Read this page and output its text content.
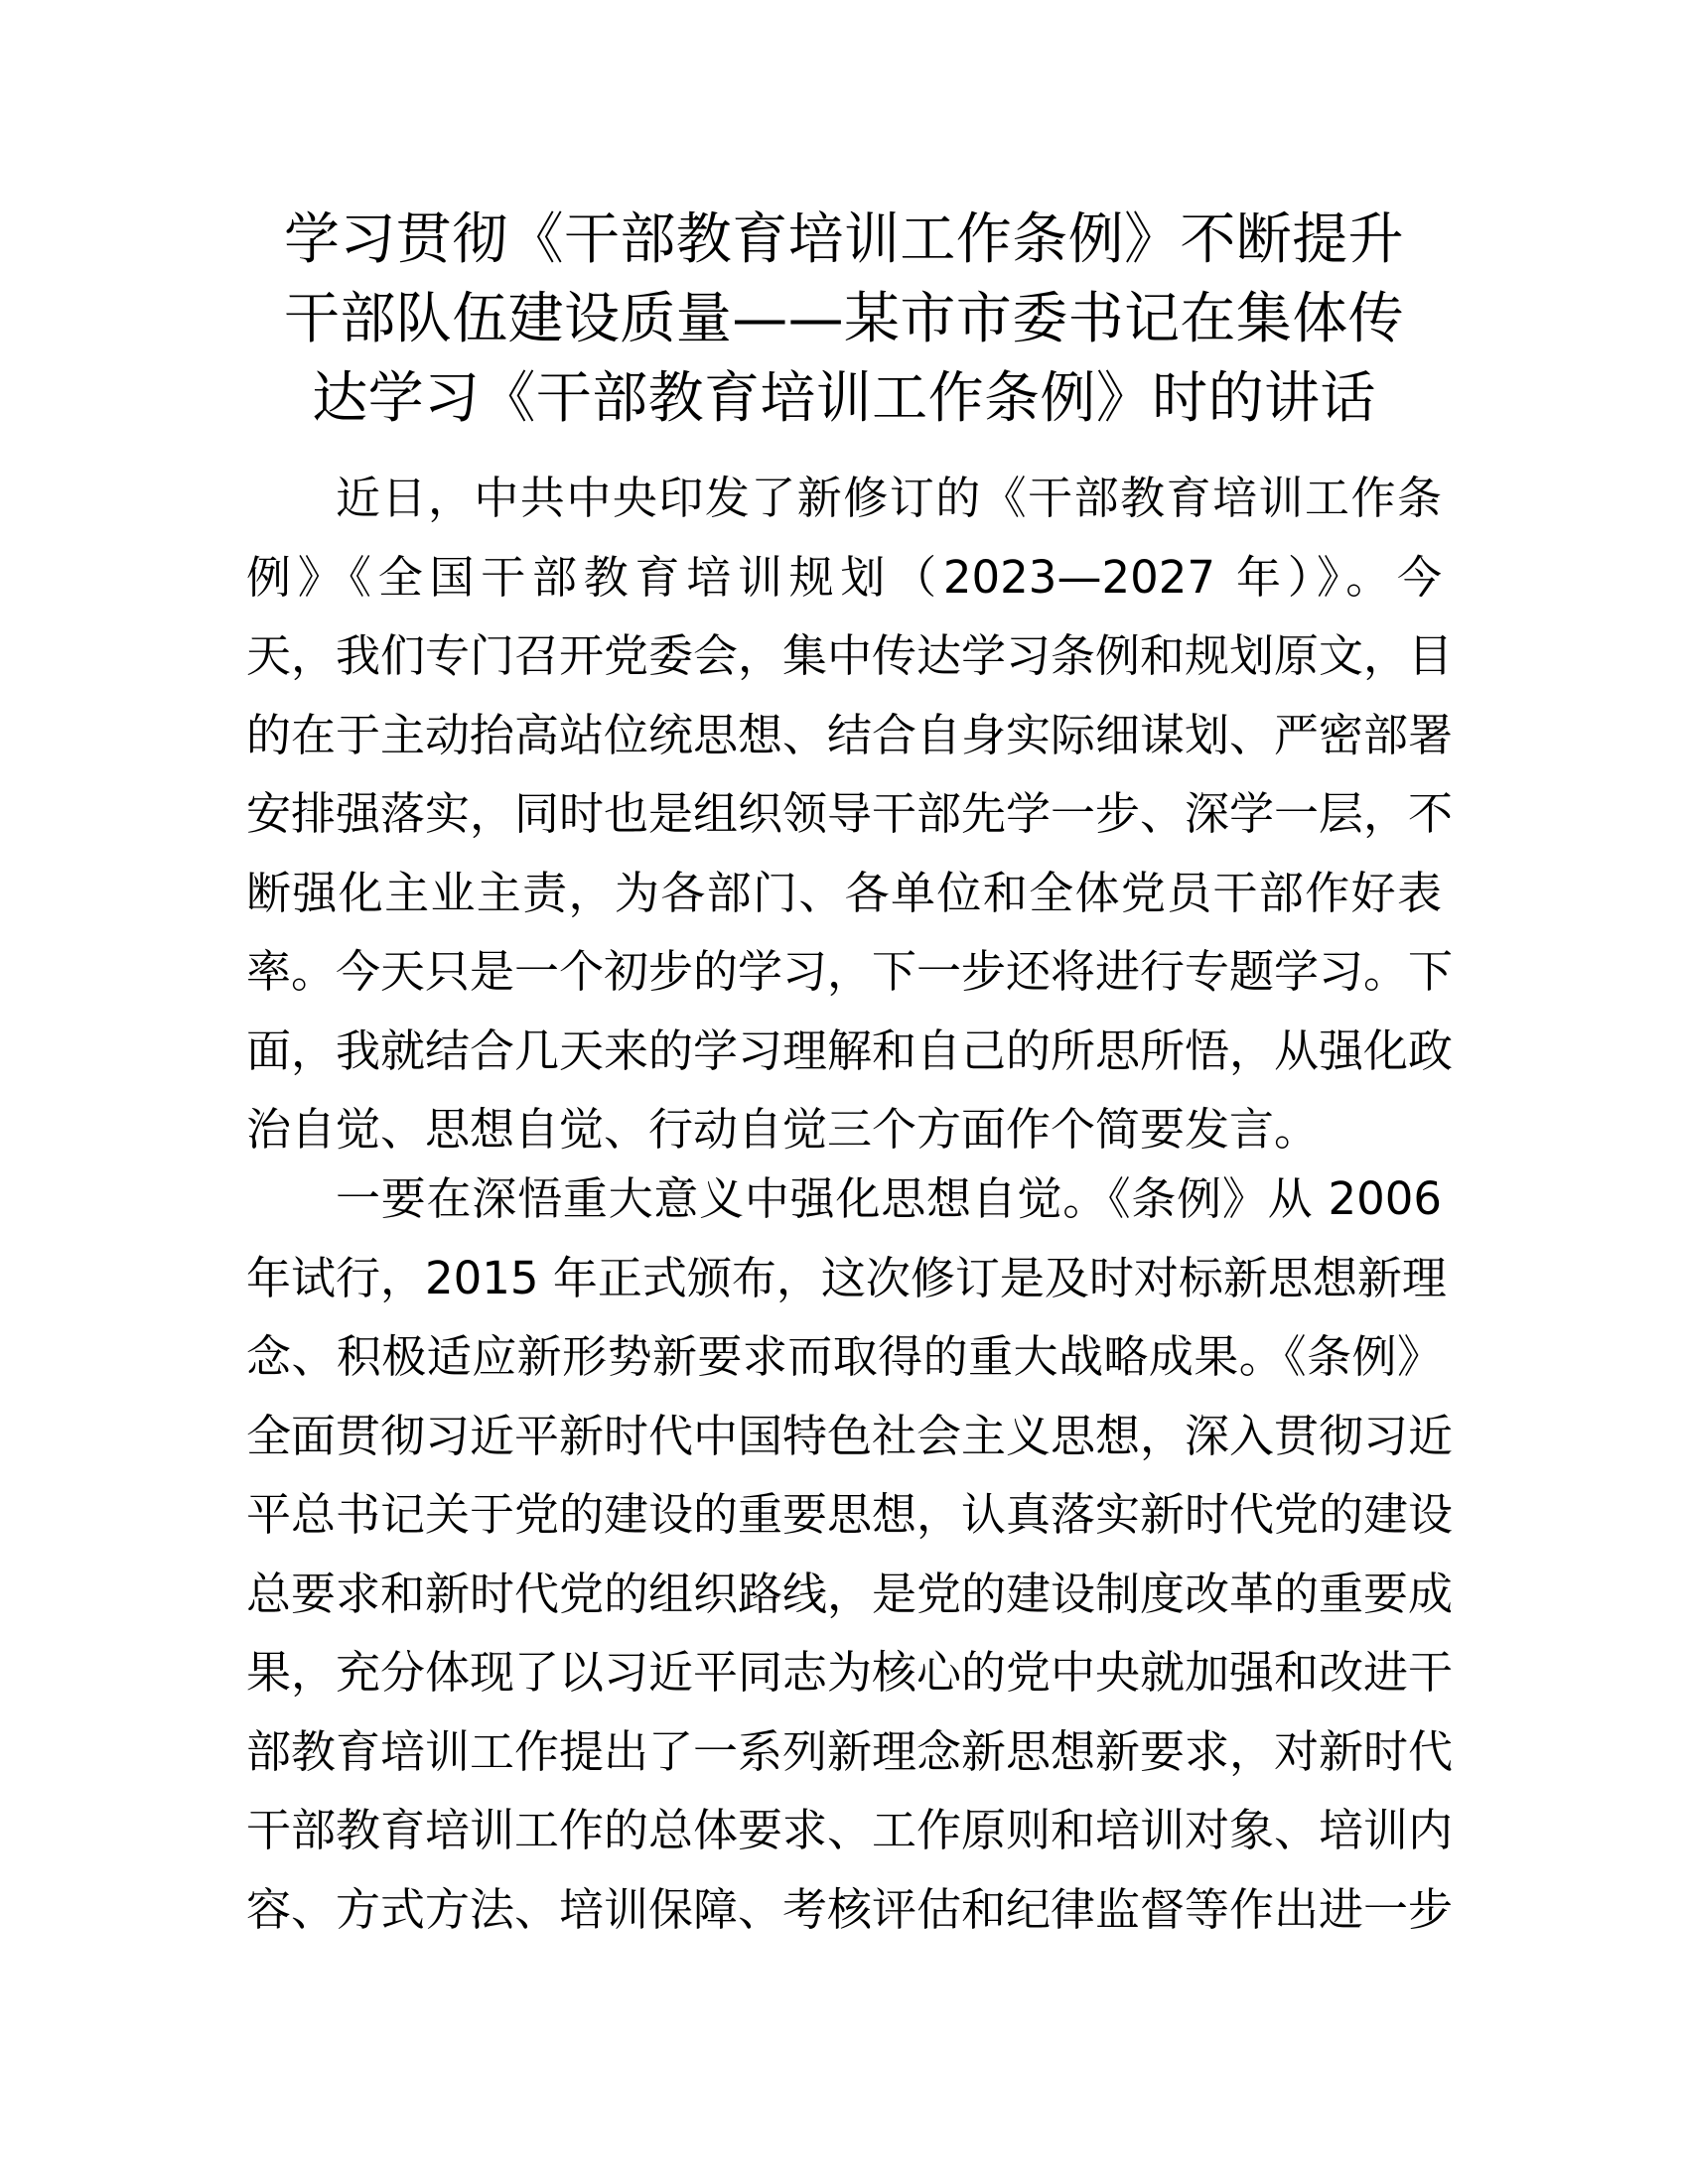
学习贯彻《干部教育培训工作条例》不断提升
干部队伍建设质量——某市市委书记在集体传
达学习《干部教育培训工作条例》时的讲话
近日，中共中央印发了新修订的《干部教育培训工作条
例》《全国干部教育培训规划（2023—2027 年）》。今
天，我们专门召开党委会，集中传达学习条例和规划原文，目
的在于主动抬高站位统思想、结合自身实际细谋划、严密部署
安排强落实，同时也是组织领导干部先学一步、深学一层，不
断强化主业主责，为各部门、各单位和全体党员干部作好表
率。今天只是一个初步的学习，下一步还将进行专题学习。下
面，我就结合几天来的学习理解和自己的所思所悟，从强化政
治自觉、思想自觉、行动自觉三个方面作个简要发言。
一要在深悟重大意义中强化思想自觉。《条例》从 2006
年试行，2015 年正式颁布，这次修订是及时对标新思想新理
念、积极适应新形势新要求而取得的重大战略成果。《条例》
全面贯彻习近平新时代中国特色社会主义思想，深入贯彻习近
平总书记关于党的建设的重要思想，认真落实新时代党的建设
总要求和新时代党的组织路线，是党的建设制度改革的重要成
果，充分体现了以习近平同志为核心的党中央就加强和改进干
部教育培训工作提出了一系列新理念新思想新要求，对新时代
干部教育培训工作的总体要求、工作原则和培训对象、培训内
容、方式方法、培训保障、考核评估和纪律监督等作出进一步
